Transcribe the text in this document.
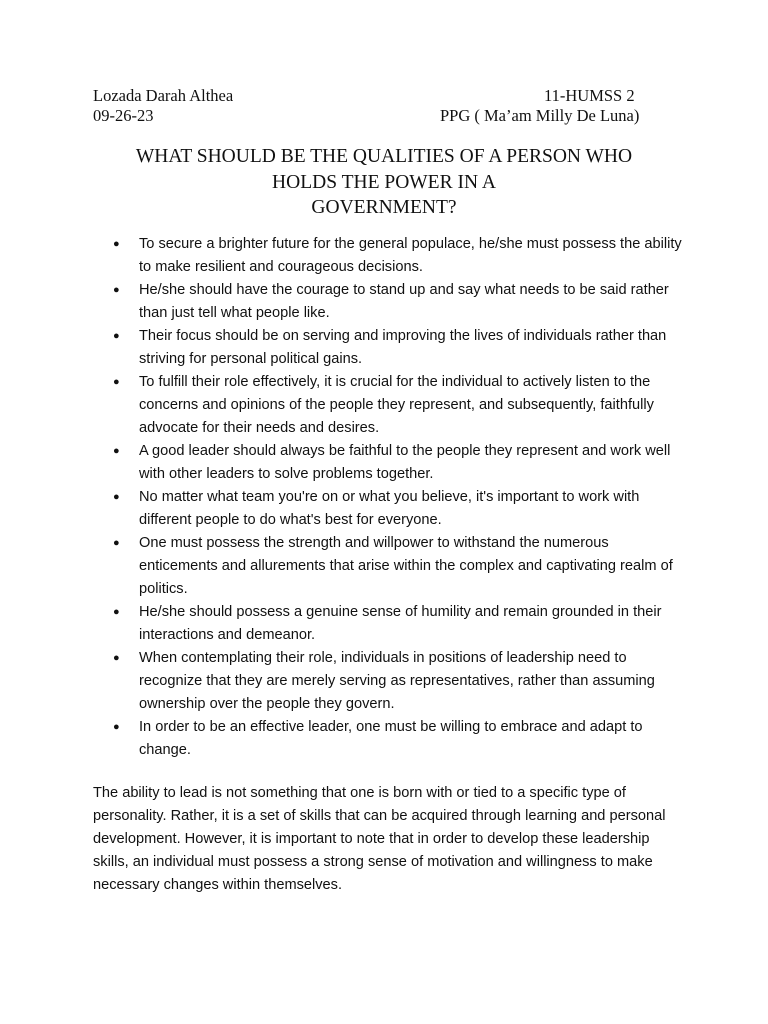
Lozada Darah Althea	11-HUMSS 2
09-26-23	PPG ( Ma’am Milly De Luna)
WHAT SHOULD BE THE QUALITIES OF A PERSON WHO
HOLDS THE POWER IN A
GOVERNMENT?
●	To secure a brighter future for the general populace, he/she must possess the ability to make resilient and courageous decisions.
●	He/she should have the courage to stand up and say what needs to be said rather than just tell what people like.
●	Their focus should be on serving and improving the lives of individuals rather than striving for personal political gains.
●	To fulfill their role effectively, it is crucial for the individual to actively listen to the concerns and opinions of the people they represent, and subsequently, faithfully advocate for their needs and desires.
●	A good leader should always be faithful to the people they represent and work well with other leaders to solve problems together.
●	No matter what team you're on or what you believe, it's important to work with different people to do what's best for everyone.
●	One must possess the strength and willpower to withstand the numerous enticements and allurements that arise within the complex and captivating realm of politics.
●	He/she should possess a genuine sense of humility and remain grounded in their interactions and demeanor.
●	When contemplating their role, individuals in positions of leadership need to recognize that they are merely serving as representatives, rather than assuming ownership over the people they govern.
●	In order to be an effective leader, one must be willing to embrace and adapt to change.

The ability to lead is not something that one is born with or tied to a specific type of personality. Rather, it is a set of skills that can be acquired through learning and personal development. However, it is important to note that in order to develop these leadership skills, an individual must possess a strong sense of motivation and willingness to make necessary changes within themselves.
